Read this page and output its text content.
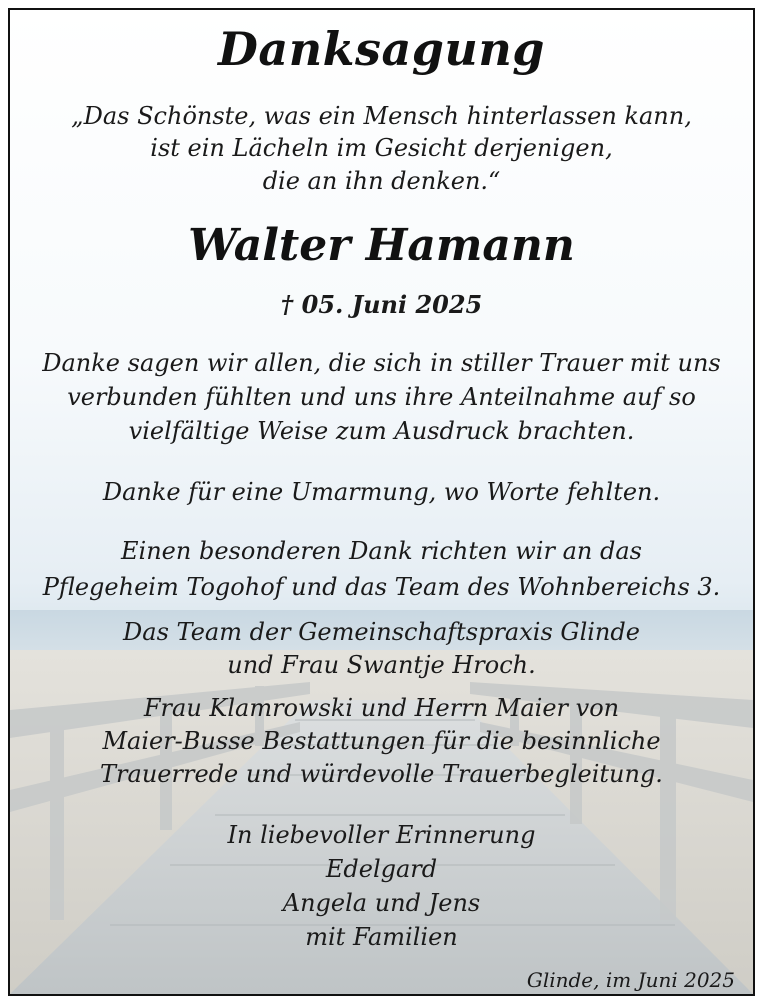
Danksagung
„Das Schönste, was ein Mensch hinterlassen kann,
ist ein Lächeln im Gesicht derjenigen,
die an ihn denken.“
Walter Hamann
† 05. Juni 2025
Danke sagen wir allen, die sich in stiller Trauer mit uns
verbunden fühlten und uns ihre Anteilnahme auf so
vielfältige Weise zum Ausdruck brachten.
Danke für eine Umarmung, wo Worte fehlten.
Einen besonderen Dank richten wir an das
Pflegeheim Togohof und das Team des Wohnbereichs 3.
Das Team der Gemeinschaftspraxis Glinde
und Frau Swantje Hroch.
Frau Klamrowski und Herrn Maier von
Maier-Busse Bestattungen für die besinnliche
Trauerrede und würdevolle Trauerbegleitung.
In liebevoller Erinnerung
Edelgard
Angela und Jens
mit Familien
Glinde, im Juni 2025
